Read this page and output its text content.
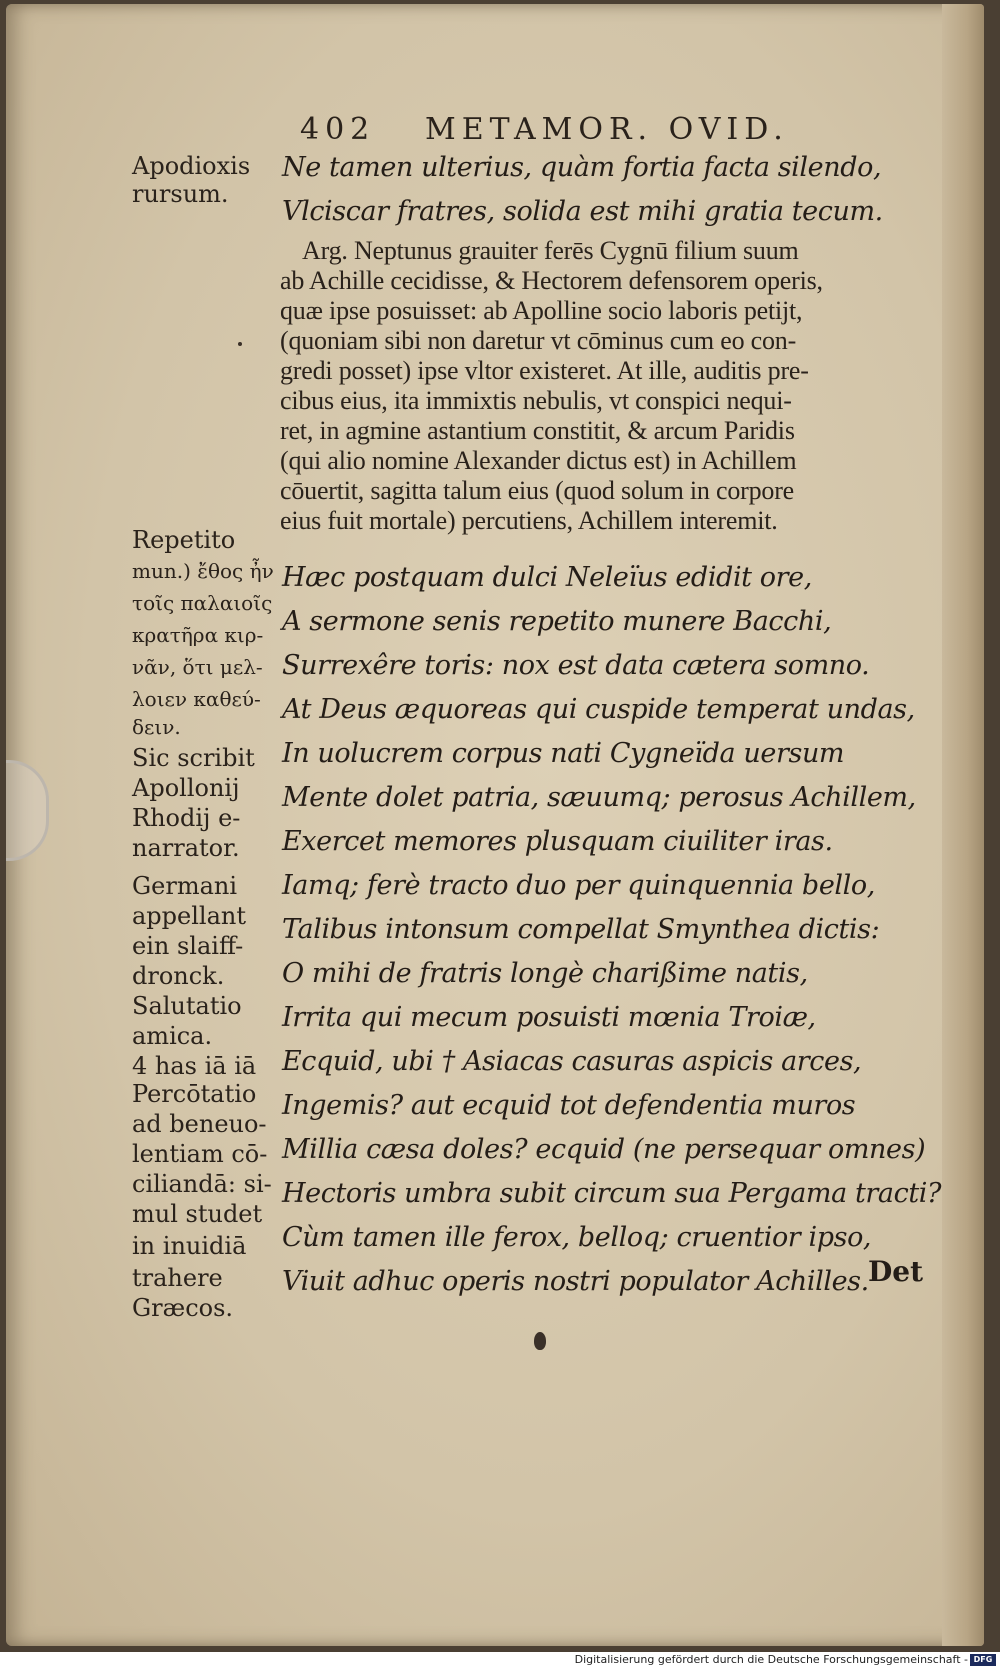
402 METAMOR. OVID.
Ne tamen ulterius, quàm fortia facta silendo,
Vlciscar fratres, solida est mihi gratia tecum.
Arg. Neptunus grauiter ferēs Cygnū filium suum
ab Achille cecidisse, & Hectorem defensorem operis,
quæ ipse posuisset: ab Apolline socio laboris petijt,
(quoniam sibi non daretur vt cōminus cum eo con-
gredi posset) ipse vltor existeret. At ille, auditis pre-
cibus eius, ita immixtis nebulis, vt conspici nequi-
ret, in agmine astantium constitit, & arcum Paridis
(qui alio nomine Alexander dictus est) in Achillem
cōuertit, sagitta talum eius (quod solum in corpore
eius fuit mortale) percutiens, Achillem interemit.
Hæc postquam dulci Neleïus edidit ore,
A sermone senis repetito munere Bacchi,
Surrexêre toris: nox est data cætera somno.
At Deus æquoreas qui cuspide temperat undas,
In uolucrem corpus nati Cygneïda uersum
Mente dolet patria, sæuumq; perosus Achillem,
Exercet memores plusquam ciuiliter iras.
Iamq; ferè tracto duo per quinquennia bello,
Talibus intonsum compellat Smynthea dictis:
O mihi de fratris longè charißime natis,
Irrita qui mecum posuisti mœnia Troiæ,
Ecquid, ubi † Asiacas casuras aspicis arces,
Ingemis? aut ecquid tot defendentia muros
Millia cæsa doles? ecquid (ne persequar omnes)
Hectoris umbra subit circum sua Pergama tracti?
Cùm tamen ille ferox, belloq; cruentior ipso,
Viuit adhuc operis nostri populator Achilles.
Apodioxis
rursum.
Repetito
mun.) ἔθος ἦν
τοῖς παλαιοῖς
κρατῆρα κιρ-
νᾶν, ὅτι μελ-
λοιεν καθεύ-
δειν.
Sic scribit
Apollonij
Rhodij e-
narrator.
Germani
appellant
ein slaiff-
dronck.
Salutatio
amica.
4 has iā iā
Percōtatio
ad beneuo-
lentiam cō-
ciliandā: si-
mul studet
in inuidiā
trahere
Græcos.
Det
Digitalisierung gefördert durch die Deutsche Forschungsgemeinschaft - DFG
